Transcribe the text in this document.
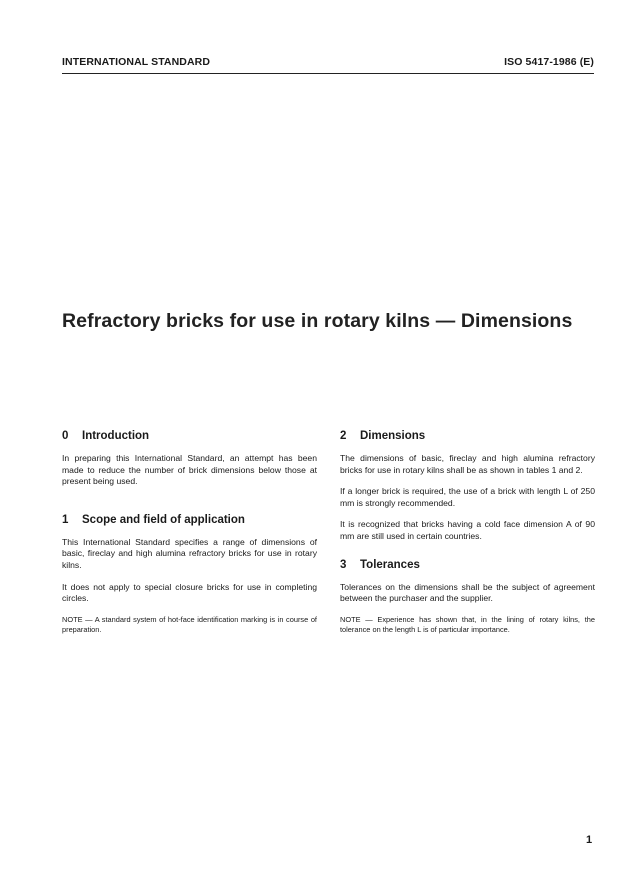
INTERNATIONAL STANDARD	ISO 5417-1986 (E)
Refractory bricks for use in rotary kilns — Dimensions
0 Introduction

In preparing this International Standard, an attempt has been made to reduce the number of brick dimensions below those at present being used.

1 Scope and field of application

This International Standard specifies a range of dimensions of basic, fireclay and high alumina refractory bricks for use in rotary kilns.

It does not apply to special closure bricks for use in completing circles.

NOTE — A standard system of hot-face identification marking is in course of preparation.

2 Dimensions

The dimensions of basic, fireclay and high alumina refractory bricks for use in rotary kilns shall be as shown in tables 1 and 2.

If a longer brick is required, the use of a brick with length L of 250 mm is strongly recommended.

It is recognized that bricks having a cold face dimension A of 90 mm are still used in certain countries.

3 Tolerances

Tolerances on the dimensions shall be the subject of agreement between the purchaser and the supplier.

NOTE — Experience has shown that, in the lining of rotary kilns, the tolerance on the length L is of particular importance.

1
